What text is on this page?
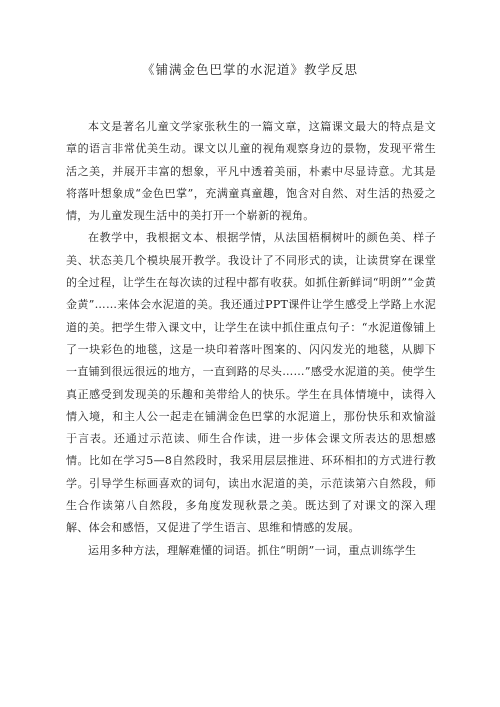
《铺满金色巴掌的水泥道》教学反思

本文是著名儿童文学家张秋生的一篇文章，这篇课文最大的特点是文章的语言非常优美生动。课文以儿童的视角观察身边的景物，发现平常生活之美，并展开丰富的想象，平凡中透着美丽，朴素中尽显诗意。尤其是将落叶想象成“金色巴掌”，充满童真童趣，饱含对自然、对生活的热爱之情，为儿童发现生活中的美打开一个崭新的视角。

在教学中，我根据文本、根据学情，从法国梧桐树叶的颜色美、样子美、状态美几个模块展开教学。我设计了不同形式的读，让读贯穿在课堂的全过程，让学生在每次读的过程中都有收获。如抓住新鲜词“明朗”“金黄金黄”……来体会水泥道的美。我还通过PPT课件让学生感受上学路上水泥道的美。把学生带入课文中，让学生在读中抓住重点句子：“水泥道像铺上了一块彩色的地毯，这是一块印着落叶图案的、闪闪发光的地毯，从脚下一直铺到很远很远的地方，一直到路的尽头……”感受水泥道的美。使学生真正感受到发现美的乐趣和美带给人的快乐。学生在具体情境中，读得入情入境，和主人公一起走在铺满金色巴掌的水泥道上，那份快乐和欢愉溢于言表。还通过示范读、师生合作读，进一步体会课文所表达的思想感情。比如在学习5—8自然段时，我采用层层推进、环环相扣的方式进行教学。引导学生标画喜欢的词句，读出水泥道的美，示范读第六自然段，师生合作读第八自然段，多角度发现秋景之美。既达到了对课文的深入理解、体会和感悟，又促进了学生语言、思维和情感的发展。

运用多种方法，理解难懂的词语。抓住“明朗”一词，重点训练学生
